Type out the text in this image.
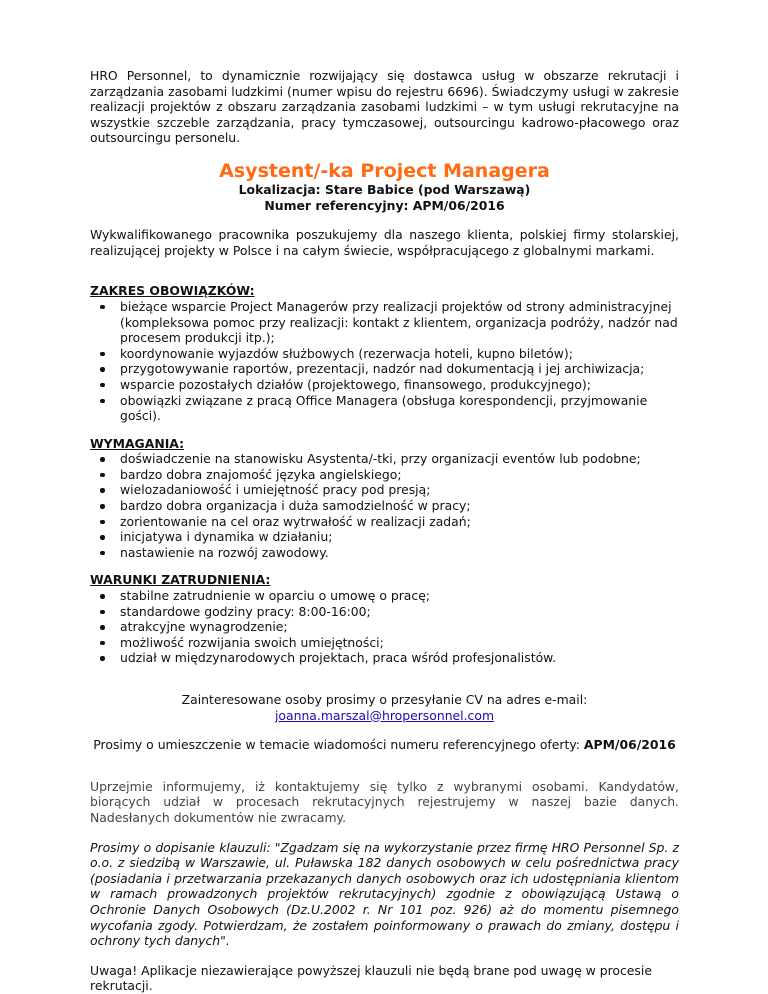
HRO Personnel, to dynamicznie rozwijający się dostawca usług w obszarze rekrutacji i zarządzania zasobami ludzkimi (numer wpisu do rejestru 6696). Świadczymy usługi w zakresie realizacji projektów z obszaru zarządzania zasobami ludzkimi – w tym usługi rekrutacyjne na wszystkie szczeble zarządzania, pracy tymczasowej, outsourcingu kadrowo-płacowego oraz outsourcingu personelu.

Asystent/-ka Project Managera

Lokalizacja: Stare Babice (pod Warszawą)

Numer referencyjny: APM/06/2016

Wykwalifikowanego pracownika poszukujemy dla naszego klienta, polskiej firmy stolarskiej, realizującej projekty w Polsce i na całym świecie, współpracującego z globalnymi markami.

ZAKRES OBOWIĄZKÓW:

bieżące wsparcie Project Managerów przy realizacji projektów od strony administracyjnej (kompleksowa pomoc przy realizacji: kontakt z klientem, organizacja podróży, nadzór nad procesem produkcji itp.);
koordynowanie wyjazdów służbowych (rezerwacja hoteli, kupno biletów);
przygotowywanie raportów, prezentacji, nadzór nad dokumentacją i jej archiwizacja;
wsparcie pozostałych działów (projektowego, finansowego, produkcyjnego);
obowiązki związane z pracą Office Managera (obsługa korespondencji, przyjmowanie gości).

WYMAGANIA:

doświadczenie na stanowisku Asystenta/-tki, przy organizacji eventów lub podobne;
bardzo dobra znajomość języka angielskiego;
wielozadaniowość i umiejętność pracy pod presją;
bardzo dobra organizacja i duża samodzielność w pracy;
zorientowanie na cel oraz wytrwałość w realizacji zadań;
inicjatywa i dynamika w działaniu;
nastawienie na rozwój zawodowy.

WARUNKI ZATRUDNIENIA:

stabilne zatrudnienie w oparciu o umowę o pracę;
standardowe godziny pracy: 8:00-16:00;
atrakcyjne wynagrodzenie;
możliwość rozwijania swoich umiejętności;
udział w międzynarodowych projektach, praca wśród profesjonalistów.

Zainteresowane osoby prosimy o przesyłanie CV na adres e-mail:

joanna.marszal@hropersonnel.com

Prosimy o umieszczenie w temacie wiadomości numeru referencyjnego oferty: APM/06/2016

Uprzejmie informujemy, iż kontaktujemy się tylko z wybranymi osobami. Kandydatów, biorących udział w procesach rekrutacyjnych rejestrujemy w naszej bazie danych. Nadesłanych dokumentów nie zwracamy.

Prosimy o dopisanie klauzuli: "Zgadzam się na wykorzystanie przez firmę HRO Personnel Sp. z o.o. z siedzibą w Warszawie, ul. Puławska 182 danych osobowych w celu pośrednictwa pracy (posiadania i przetwarzania przekazanych danych osobowych oraz ich udostępniania klientom w ramach prowadzonych projektów rekrutacyjnych) zgodnie z obowiązującą Ustawą o Ochronie Danych Osobowych (Dz.U.2002 r. Nr 101 poz. 926) aż do momentu pisemnego wycofania zgody. Potwierdzam, że zostałem poinformowany o prawach do zmiany, dostępu i ochrony tych danych".

Uwaga! Aplikacje niezawierające powyższej klauzuli nie będą brane pod uwagę w procesie rekrutacji.
